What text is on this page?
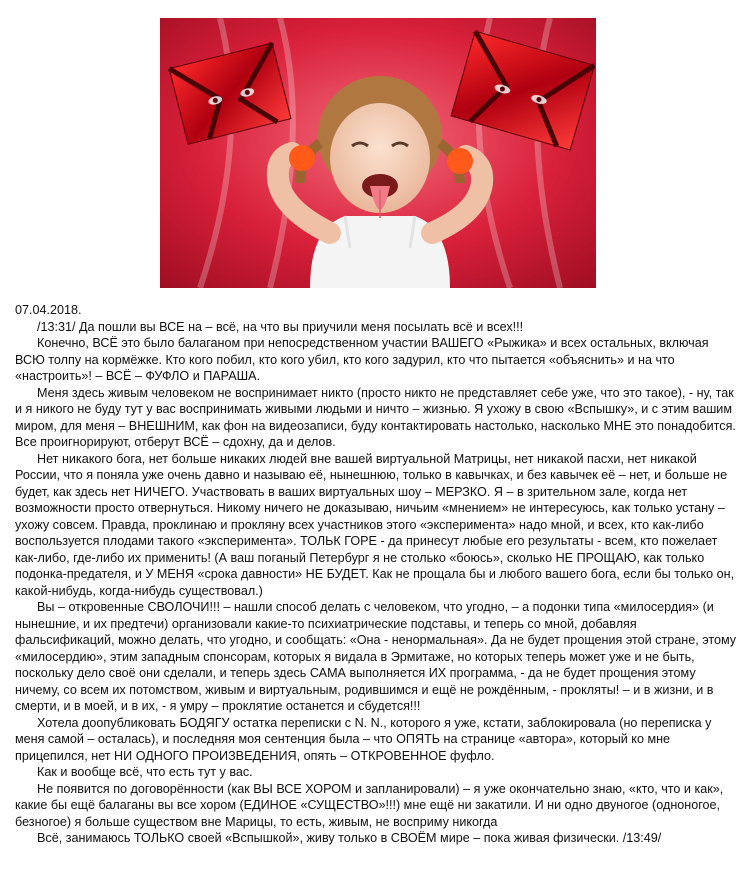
07.04.2018.

/13:31/ Да пошли вы ВСЕ на – всё, на что вы приучили меня посылать всё и всех!!!

Конечно, ВСЁ это было балаганом при непосредственном участии ВАШЕГО «Рыжика» и всех остальных, включая ВСЮ толпу на кормёжке. Кто кого побил, кто кого убил, кто кого задурил, кто что пытается «объяснить» и на что «настроить»! – ВСЁ – ФУФЛО и ПАРАША.

Меня здесь живым человеком не воспринимает никто (просто никто не представляет себе уже, что это такое), - ну, так и я никого не буду тут у вас воспринимать живыми людьми и ничто – жизнью. Я ухожу в свою «Вспышку», и с этим вашим миром, для меня – ВНЕШНИМ, как фон на видеозаписи, буду контактировать настолько, насколько МНЕ это понадобится. Все проигнорируют, отберут ВСЁ – сдохну, да и делов.

Нет никакого бога, нет больше никаких людей вне вашей виртуальной Матрицы, нет никакой пасхи, нет никакой России, что я поняла уже очень давно и называю её, нынешнюю, только в кавычках, и без кавычек её – нет, и больше не будет, как здесь нет НИЧЕГО. Участвовать в ваших виртуальных шоу – МЕРЗКО. Я – в зрительном зале, когда нет возможности просто отвернуться. Никому ничего не доказываю, ничьим «мнением» не интересуюсь, как только устану – ухожу совсем. Правда, проклинаю и прокляну всех участников этого «эксперимента» надо мной, и всех, кто как-либо воспользуется плодами такого «эксперимента». ТОЛЬК ГОРЕ - да принесут любые его результаты - всем, кто пожелает как-либо, где-либо их применить! (А ваш поганый Петербург я не столько «боюсь», сколько НЕ ПРОЩАЮ, как только подонка-предателя, и У МЕНЯ «срока давности» НЕ БУДЕТ. Как не прощала бы и любого вашего бога, если бы только он, какой-нибудь, когда-нибудь существовал.)

Вы – откровенные СВОЛОЧИ!!! – нашли способ делать с человеком, что угодно, – а подонки типа «милосердия» (и нынешние, и их предтечи) организовали какие-то психиатрические подставы, и теперь со мной, добавляя фальсификаций, можно делать, что угодно, и сообщать: «Она - ненормальная». Да не будет прощения этой стране, этому «милосердию», этим западным спонсорам, которых я видала в Эрмитаже, но которых теперь может уже и не быть, поскольку дело своё они сделали, и теперь здесь САМА выполняется ИХ программа, - да не будет прощения этому ничему, со всем их потомством, живым и виртуальным, родившимся и ещё не рождённым, - прокляты! – и в жизни, и в смерти, и в моей, и в их, - я умру – проклятие останется и сбудется!!!

Хотела доопубликовать БОДЯГУ остатка переписки с N. N., которого я уже, кстати, заблокировала (но переписка у меня самой – осталась), и последняя моя сентенция была – что ОПЯТЬ на странице «автора», который ко мне прицепился, нет НИ ОДНОГО ПРОИЗВЕДЕНИЯ, опять – ОТКРОВЕННОЕ фуфло.

Как и вообще всё, что есть тут у вас.

Не появится по договорённости (как ВЫ ВСЕ ХОРОМ и запланировали) – я уже окончательно знаю, «кто, что и как», какие бы ещё балаганы вы все хором (ЕДИНОЕ «СУЩЕСТВО»!!!) мне ещё ни закатили. И ни одно двуногое (одноногое, безногое) я больше существом вне Марицы, то есть, живым, не восприму никогда

Всё, занимаюсь ТОЛЬКО своей «Вспышкой», живу только в СВОЁМ мире – пока живая физически. /13:49/
